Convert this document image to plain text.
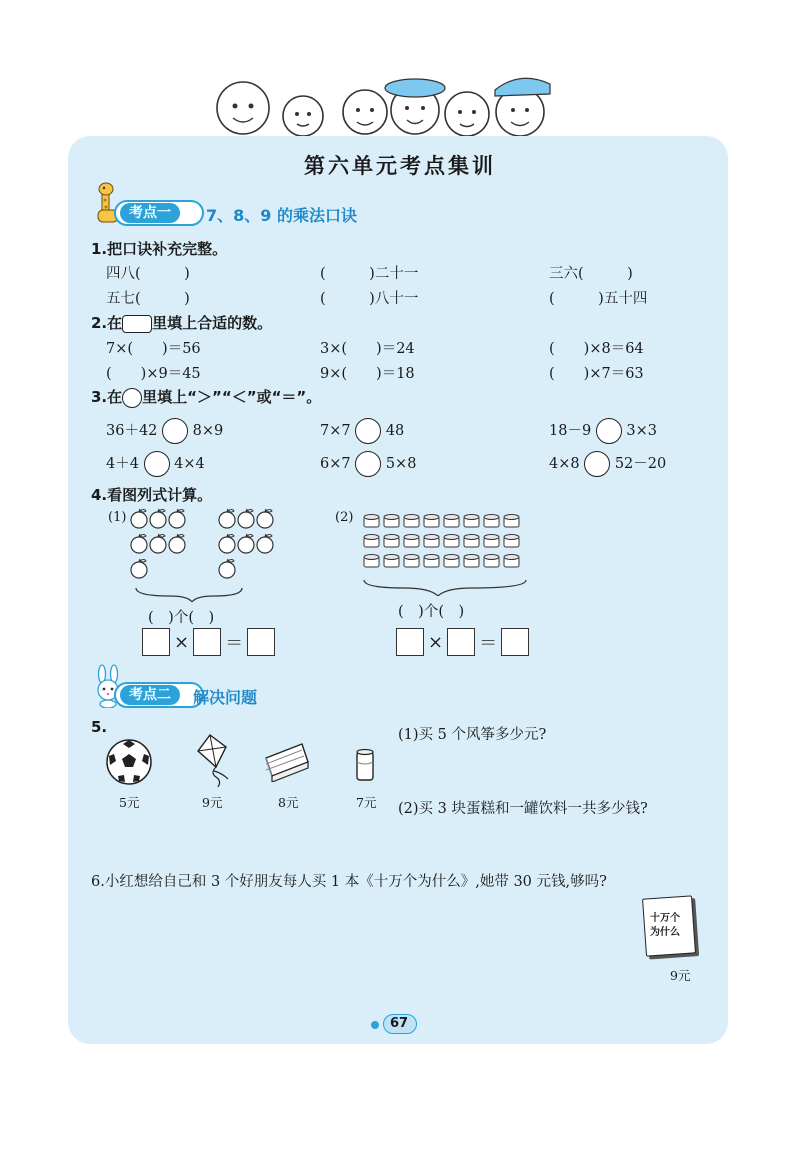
第六单元考点集训
考点一	7、8、9 的乘法口诀
1.把口诀补充完整。
四八(　　　)	(　　　)二十一	三六(　　　)
五七(　　　)	(　　　)八十一	(　　　)五十四
2.在 里填上合适的数。
7×(　　)＝56	3×(　　)＝24	(　　)×8＝64
(　　)×9＝45	9×(　　)＝18	(　　)×7＝63
3.在 里填上“＞”“＜”或“＝”。
36＋42 8×9	7×7 48	18－9 3×3
4＋4 4×4	6×7 5×8	4×8 52－20
4.看图列式计算。
(1)
(　)个(　)
× ＝
(2)
(　)个(　)
× ＝
考点二	解决问题
5.
5元	9元	8元	7元
(1)买 5 个风筝多少元?
(2)买 3 块蛋糕和一罐饮料一共多少钱?
6.小红想给自己和 3 个好朋友每人买 1 本《十万个为什么》,她带 30 元钱,够吗?
十万个
为什么
9元
67
